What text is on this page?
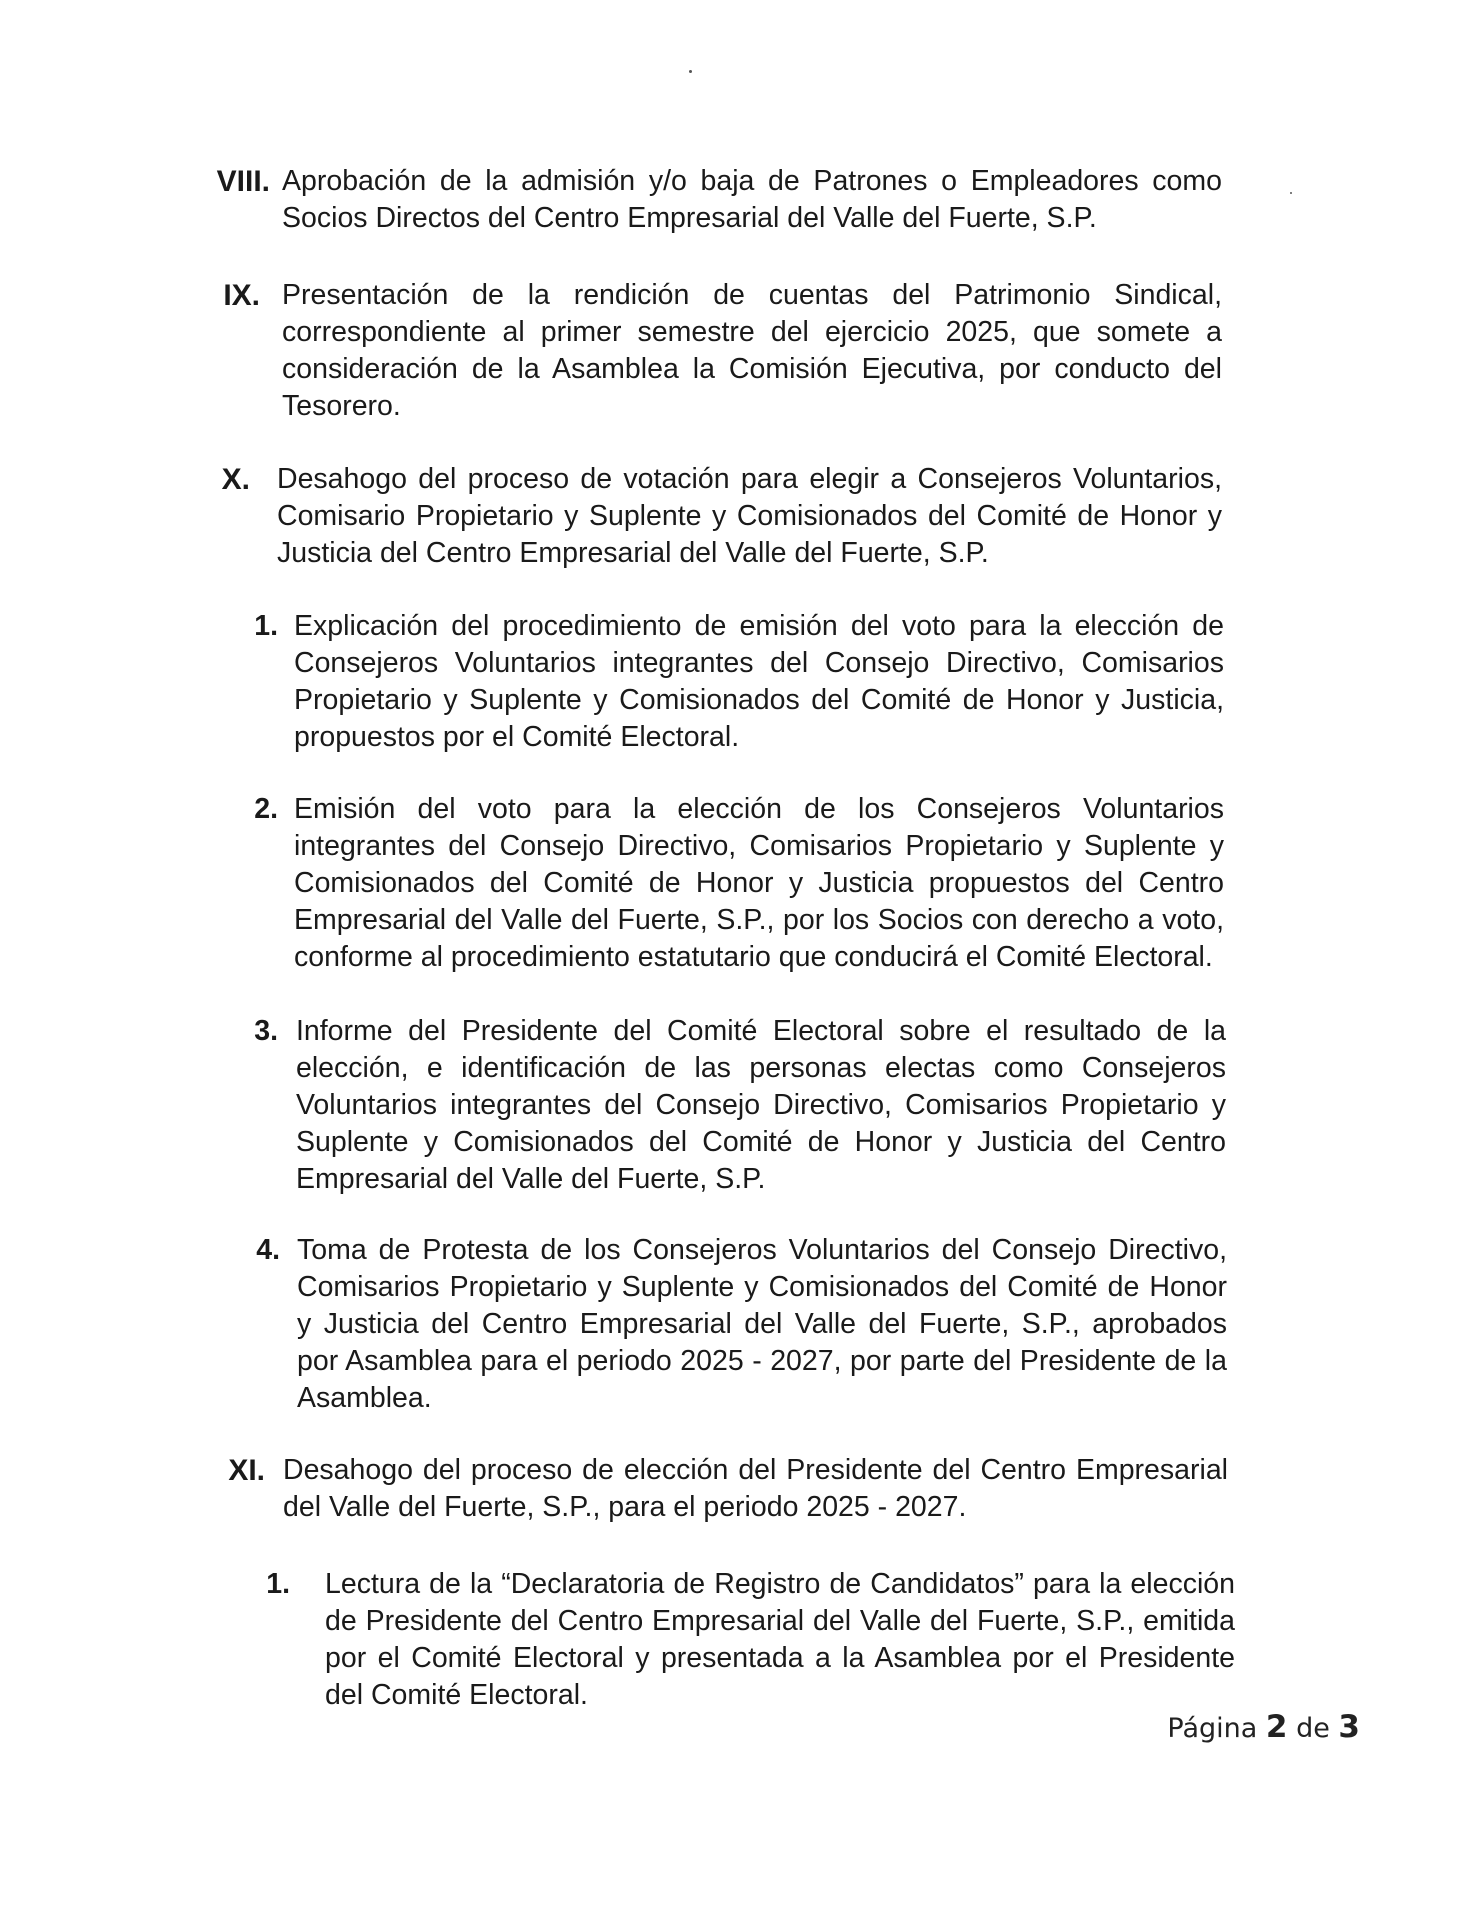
VIII. Aprobación de la admisión y/o baja de Patrones o Empleadores como Socios Directos del Centro Empresarial del Valle del Fuerte, S.P.
IX. Presentación de la rendición de cuentas del Patrimonio Sindical, correspondiente al primer semestre del ejercicio 2025, que somete a consideración de la Asamblea la Comisión Ejecutiva, por conducto del Tesorero.
X. Desahogo del proceso de votación para elegir a Consejeros Voluntarios, Comisario Propietario y Suplente y Comisionados del Comité de Honor y Justicia del Centro Empresarial del Valle del Fuerte, S.P.
1. Explicación del procedimiento de emisión del voto para la elección de Consejeros Voluntarios integrantes del Consejo Directivo, Comisarios Propietario y Suplente y Comisionados del Comité de Honor y Justicia, propuestos por el Comité Electoral.
2. Emisión del voto para la elección de los Consejeros Voluntarios integrantes del Consejo Directivo, Comisarios Propietario y Suplente y Comisionados del Comité de Honor y Justicia propuestos del Centro Empresarial del Valle del Fuerte, S.P., por los Socios con derecho a voto, conforme al procedimiento estatutario que conducirá el Comité Electoral.
3. Informe del Presidente del Comité Electoral sobre el resultado de la elección, e identificación de las personas electas como Consejeros Voluntarios integrantes del Consejo Directivo, Comisarios Propietario y Suplente y Comisionados del Comité de Honor y Justicia del Centro Empresarial del Valle del Fuerte, S.P.
4. Toma de Protesta de los Consejeros Voluntarios del Consejo Directivo, Comisarios Propietario y Suplente y Comisionados del Comité de Honor y Justicia del Centro Empresarial del Valle del Fuerte, S.P., aprobados por Asamblea para el periodo 2025 - 2027, por parte del Presidente de la Asamblea.
XI. Desahogo del proceso de elección del Presidente del Centro Empresarial del Valle del Fuerte, S.P., para el periodo 2025 - 2027.
1. Lectura de la “Declaratoria de Registro de Candidatos” para la elección de Presidente del Centro Empresarial del Valle del Fuerte, S.P., emitida por el Comité Electoral y presentada a la Asamblea por el Presidente del Comité Electoral.
Página 2 de 3
